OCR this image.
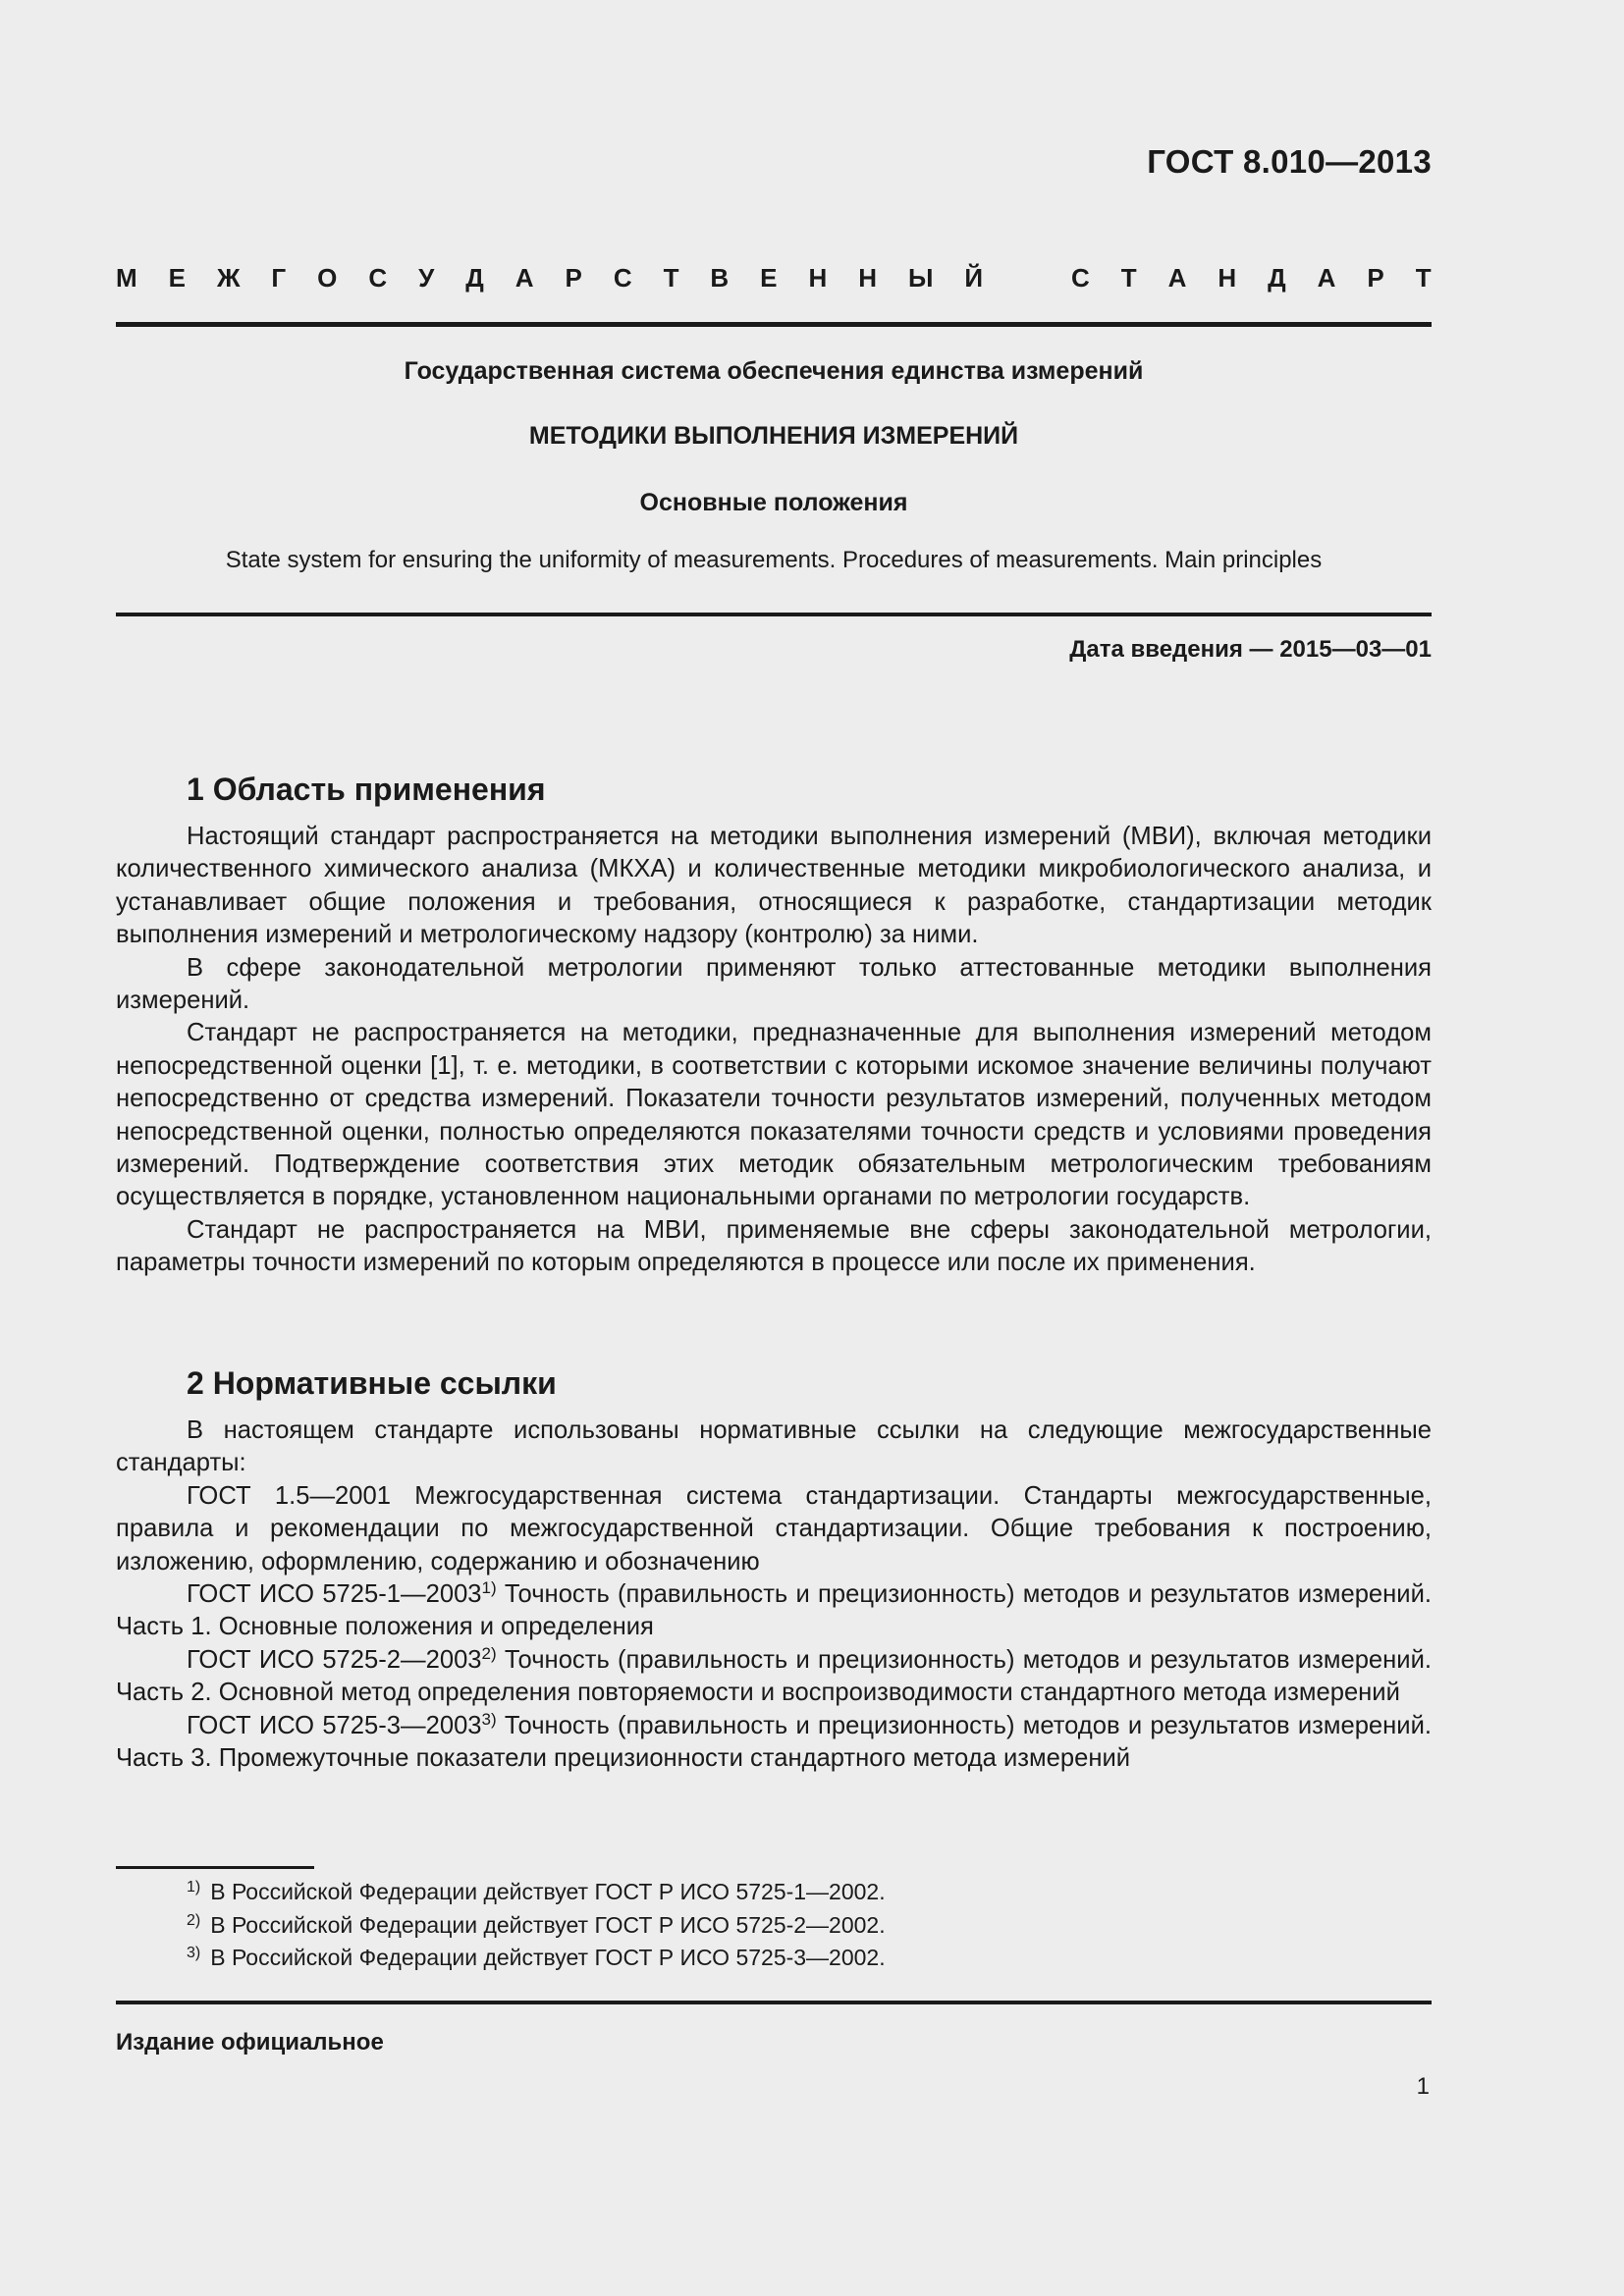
ГОСТ 8.010—2013
М Е Ж Г О С У Д А Р С Т В Е Н Н Ы Й	С Т А Н Д А Р Т
Государственная система обеспечения единства измерений
МЕТОДИКИ ВЫПОЛНЕНИЯ ИЗМЕРЕНИЙ
Основные положения
State system for ensuring the uniformity of measurements. Procedures of measurements. Main principles
Дата введения — 2015—03—01
1 Область применения

Настоящий стандарт распространяется на методики выполнения измерений (МВИ), включая методики количественного химического анализа (МКХА) и количественные методики микробиологического анализа, и устанавливает общие положения и требования, относящиеся к разработке, стандартизации методик выполнения измерений и метрологическому надзору (контролю) за ними.

В сфере законодательной метрологии применяют только аттестованные методики выполнения измерений.

Стандарт не распространяется на методики, предназначенные для выполнения измерений методом непосредственной оценки [1], т. е. методики, в соответствии с которыми искомое значение величины получают непосредственно от средства измерений. Показатели точности результатов измерений, полученных методом непосредственной оценки, полностью определяются показателями точности средств и условиями проведения измерений. Подтверждение соответствия этих методик обязательным метрологическим требованиям осуществляется в порядке, установленном национальными органами по метрологии государств.

Стандарт не распространяется на МВИ, применяемые вне сферы законодательной метрологии, параметры точности измерений по которым определяются в процессе или после их применения.

2 Нормативные ссылки

В настоящем стандарте использованы нормативные ссылки на следующие межгосударственные стандарты:

ГОСТ 1.5—2001 Межгосударственная система стандартизации. Стандарты межгосударственные, правила и рекомендации по межгосударственной стандартизации. Общие требования к построению, изложению, оформлению, содержанию и обозначению

ГОСТ ИСО 5725-1—2003$^{1)}$ Точность (правильность и прецизионность) методов и результатов измерений. Часть 1. Основные положения и определения

ГОСТ ИСО 5725-2—2003$^{2)}$ Точность (правильность и прецизионность) методов и результатов измерений. Часть 2. Основной метод определения повторяемости и воспроизводимости стандартного метода измерений

ГОСТ ИСО 5725-3—2003$^{3)}$ Точность (правильность и прецизионность) методов и результатов измерений. Часть 3. Промежуточные показатели прецизионности стандартного метода измерений

$^{1)}$ В Российской Федерации действует ГОСТ Р ИСО 5725-1—2002.
$^{2)}$ В Российской Федерации действует ГОСТ Р ИСО 5725-2—2002.
$^{3)}$ В Российской Федерации действует ГОСТ Р ИСО 5725-3—2002.
Издание официальное
1
